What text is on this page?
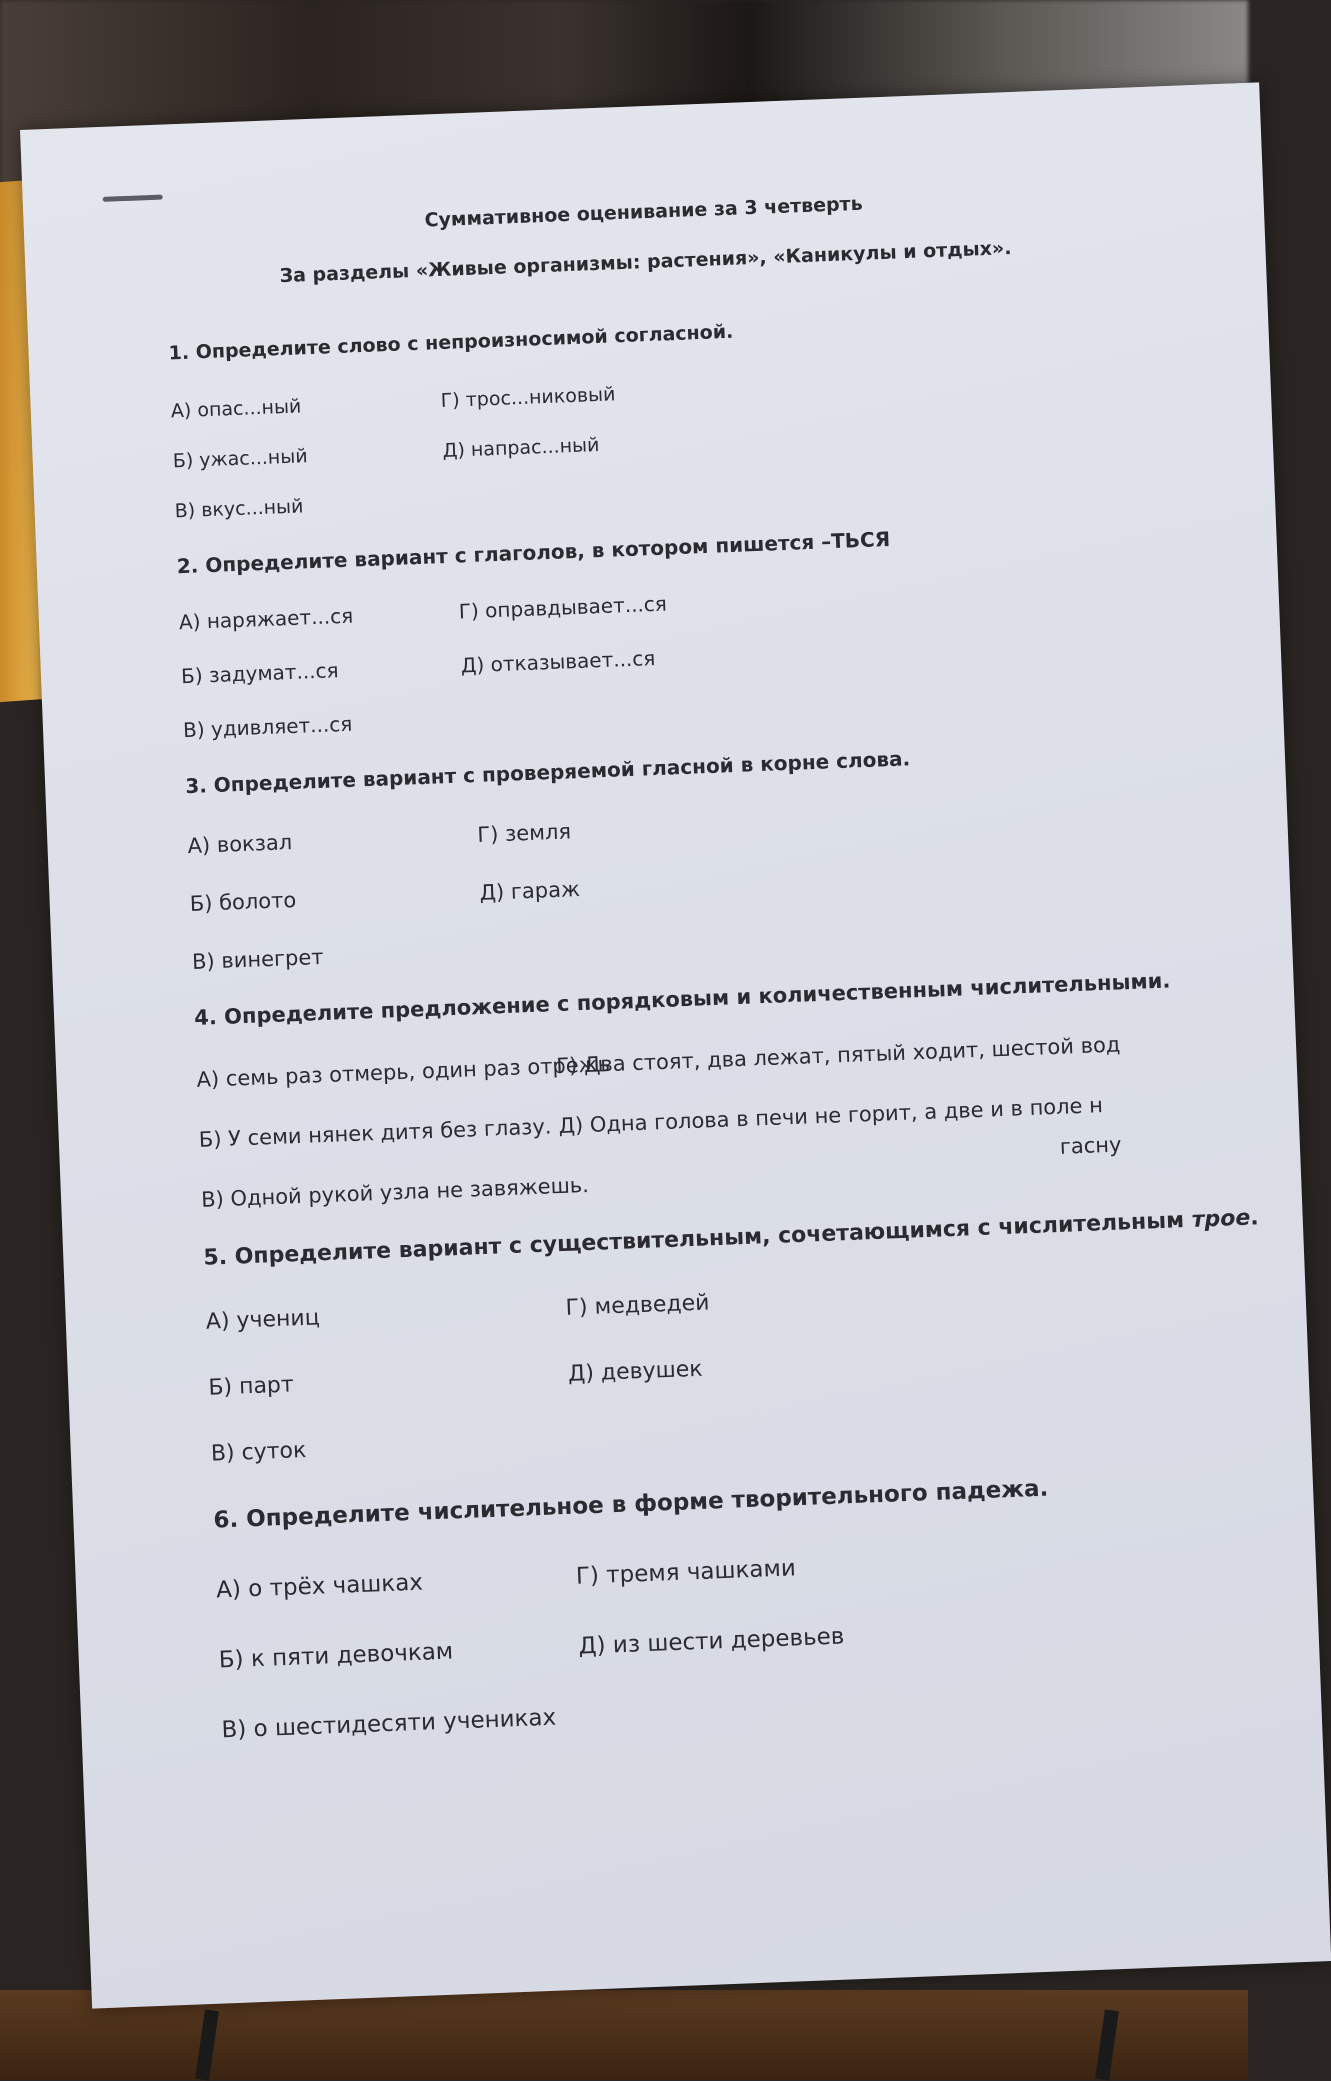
Суммативное оценивание за 3 четверть
За разделы «Живые организмы: растения», «Каникулы и отдых».
1. Определите слово с непроизносимой согласной.
А) опас...ный
Б) ужас...ный
В) вкус...ный
Г) трос...никовый
Д) напрас...ный
2. Определите вариант с глаголов, в котором пишется –ТЬСЯ
А) наряжает...ся
Б) задумат...ся
В) удивляет...ся
Г) оправдывает...ся
Д) отказывает...ся
3. Определите вариант с проверяемой гласной в корне слова.
А) вокзал
Б) болото
В) винегрет
Г) земля
Д) гараж
4. Определите предложение с порядковым и количественным числительными.
А) семь раз отмерь, один раз отрежь
Б) У семи нянек дитя без глазу.
В) Одной рукой узла не завяжешь.
Г) Два стоят, два лежат, пятый ходит, шестой вод
Д) Одна голова в печи не горит, а две и в поле н
гасну
5. Определите вариант с существительным, сочетающимся с числительным трое.
А) учениц
Б) парт
В) суток
Г) медведей
Д) девушек
6. Определите числительное в форме творительного падежа.
А) о трёх чашках
Б) к пяти девочкам
В) о шестидесяти учениках
Г) тремя чашками
Д) из шести деревьев
